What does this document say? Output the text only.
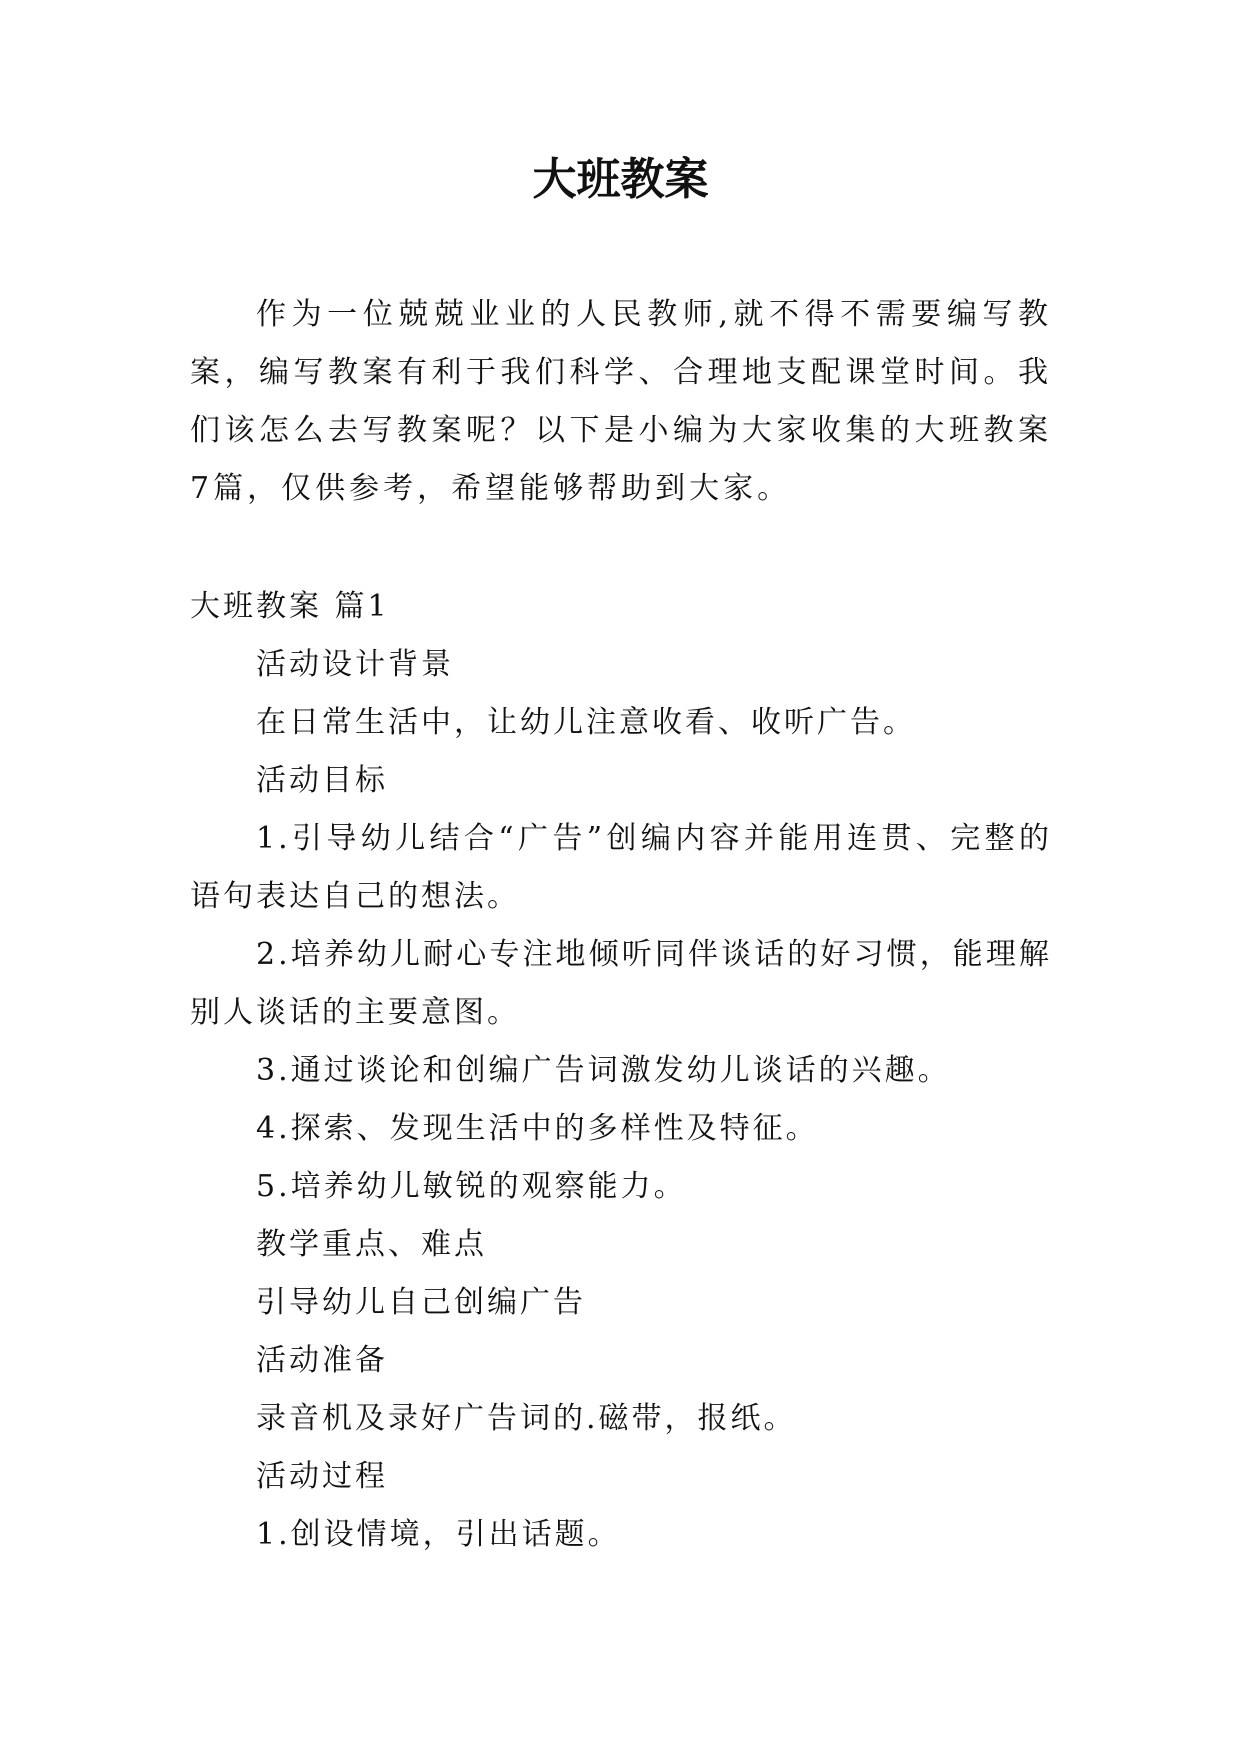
大班教案

作为一位兢兢业业的人民教师,就不得不需要编写教案，编写教案有利于我们科学、合理地支配课堂时间。我们该怎么去写教案呢？以下是小编为大家收集的大班教案7篇，仅供参考，希望能够帮助到大家。

大班教案 篇1

活动设计背景
在日常生活中，让幼儿注意收看、收听广告。
活动目标
1.引导幼儿结合“广告”创编内容并能用连贯、完整的语句表达自己的想法。
2.培养幼儿耐心专注地倾听同伴谈话的好习惯，能理解别人谈话的主要意图。
3.通过谈论和创编广告词激发幼儿谈话的兴趣。
4.探索、发现生活中的多样性及特征。
5.培养幼儿敏锐的观察能力。
教学重点、难点
引导幼儿自己创编广告
活动准备
录音机及录好广告词的.磁带，报纸。
活动过程
1.创设情境，引出话题。
